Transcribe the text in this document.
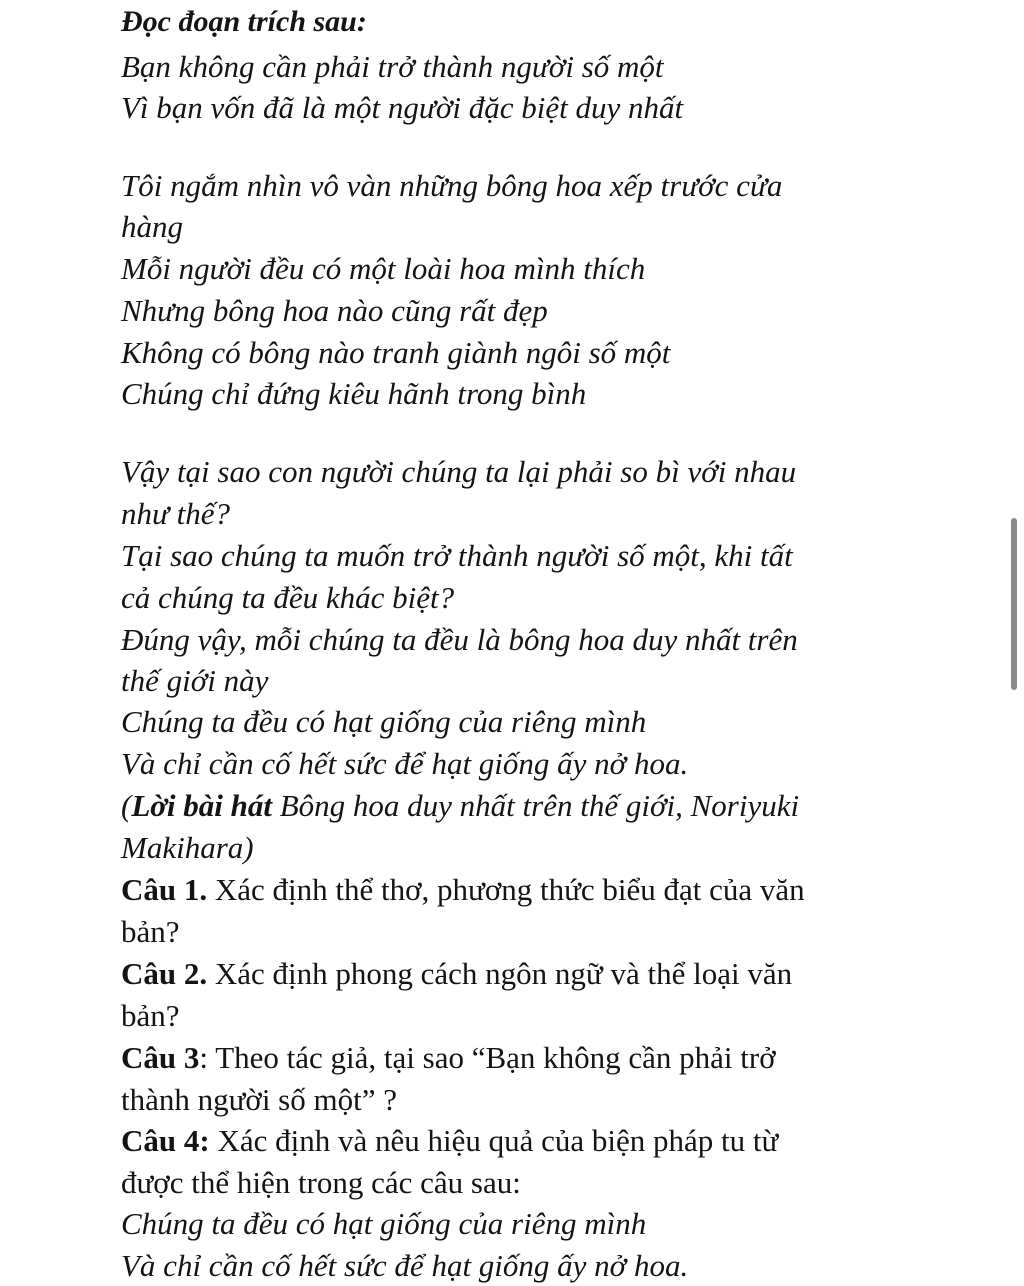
Đọc đoạn trích sau:
Bạn không cần phải trở thành người số một
Vì bạn vốn đã là một người đặc biệt duy nhất
Tôi ngắm nhìn vô vàn những bông hoa xếp trước cửa
hàng
Mỗi người đều có một loài hoa mình thích
Nhưng bông hoa nào cũng rất đẹp
Không có bông nào tranh giành ngôi số một
Chúng chỉ đứng kiêu hãnh trong bình
Vậy tại sao con người chúng ta lại phải so bì với nhau
như thế?
Tại sao chúng ta muốn trở thành người số một, khi tất
cả chúng ta đều khác biệt?
Đúng vậy, mỗi chúng ta đều là bông hoa duy nhất trên
thế giới này
Chúng ta đều có hạt giống của riêng mình
Và chỉ cần cố hết sức để hạt giống ấy nở hoa.
(Lời bài hát Bông hoa duy nhất trên thế giới, Noriyuki
Makihara)
Câu 1. Xác định thể thơ, phương thức biểu đạt của văn
bản?
Câu 2. Xác định phong cách ngôn ngữ và thể loại văn
bản?
Câu 3: Theo tác giả, tại sao “Bạn không cần phải trở
thành người số một” ?
Câu 4: Xác định và nêu hiệu quả của biện pháp tu từ
được thể hiện trong các câu sau:
Chúng ta đều có hạt giống của riêng mình
Và chỉ cần cố hết sức để hạt giống ấy nở hoa.
